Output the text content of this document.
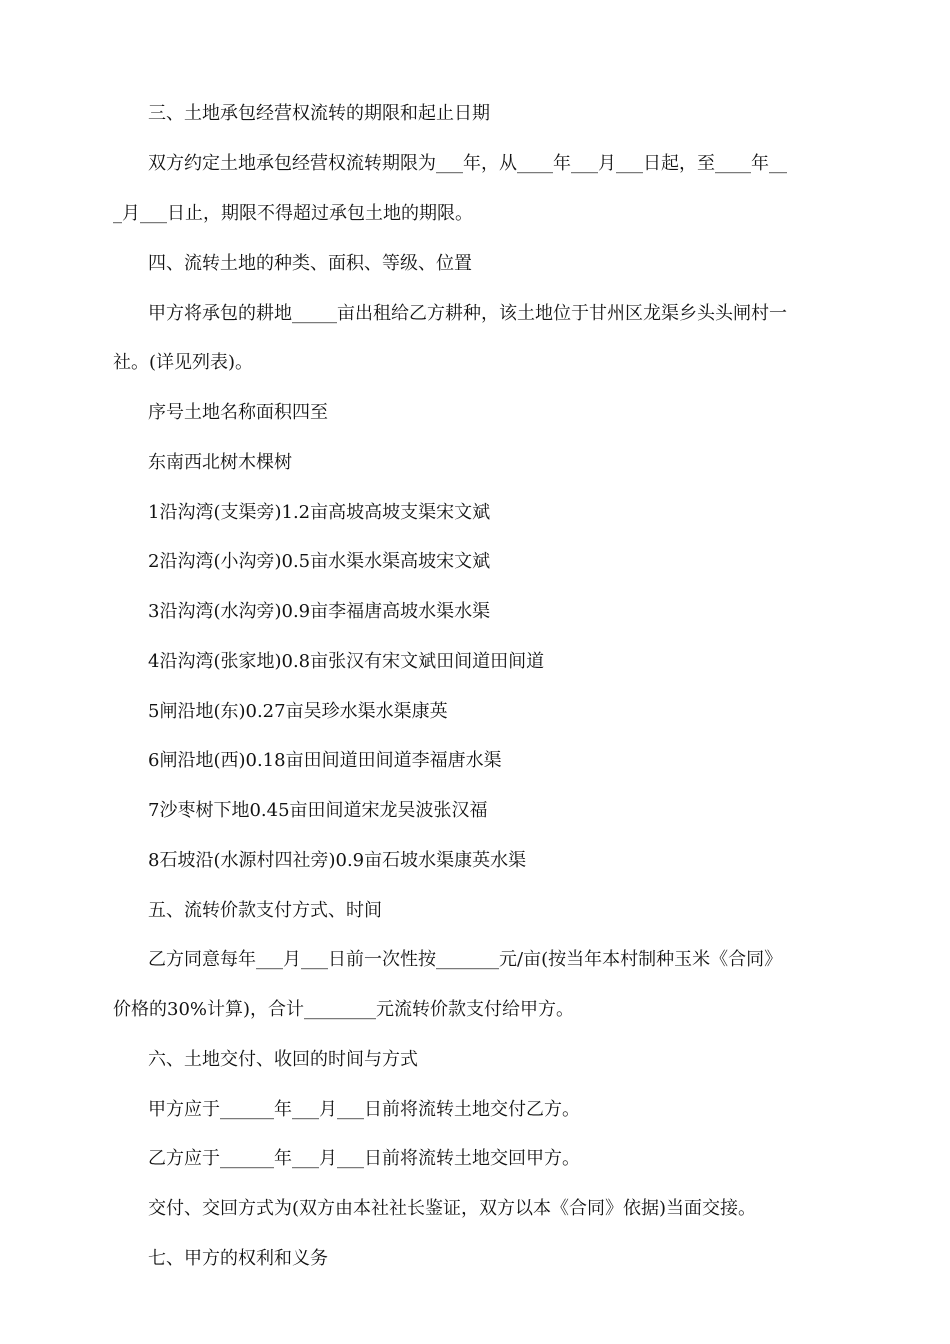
三、土地承包经营权流转的期限和起止日期
双方约定土地承包经营权流转期限为___年，从____年___月___日起，至____年__
_月___日止，期限不得超过承包土地的期限。
四、流转土地的种类、面积、等级、位置
甲方将承包的耕地_____亩出租给乙方耕种，该土地位于甘州区龙渠乡头头闸村一
社。(详见列表)。
序号土地名称面积四至
东南西北树木棵树
1沿沟湾(支渠旁)1.2亩高坡高坡支渠宋文斌
2沿沟湾(小沟旁)0.5亩水渠水渠高坡宋文斌
3沿沟湾(水沟旁)0.9亩李福唐高坡水渠水渠
4沿沟湾(张家地)0.8亩张汉有宋文斌田间道田间道
5闸沿地(东)0.27亩吴珍水渠水渠康英
6闸沿地(西)0.18亩田间道田间道李福唐水渠
7沙枣树下地0.45亩田间道宋龙吴波张汉福
8石坡沿(水源村四社旁)0.9亩石坡水渠康英水渠
五、流转价款支付方式、时间
乙方同意每年___月___日前一次性按_______元/亩(按当年本村制种玉米《合同》
价格的30%计算)，合计________元流转价款支付给甲方。
六、土地交付、收回的时间与方式
甲方应于______年___月___日前将流转土地交付乙方。
乙方应于______年___月___日前将流转土地交回甲方。
交付、交回方式为(双方由本社社长鉴证，双方以本《合同》依据)当面交接。
七、甲方的权利和义务
